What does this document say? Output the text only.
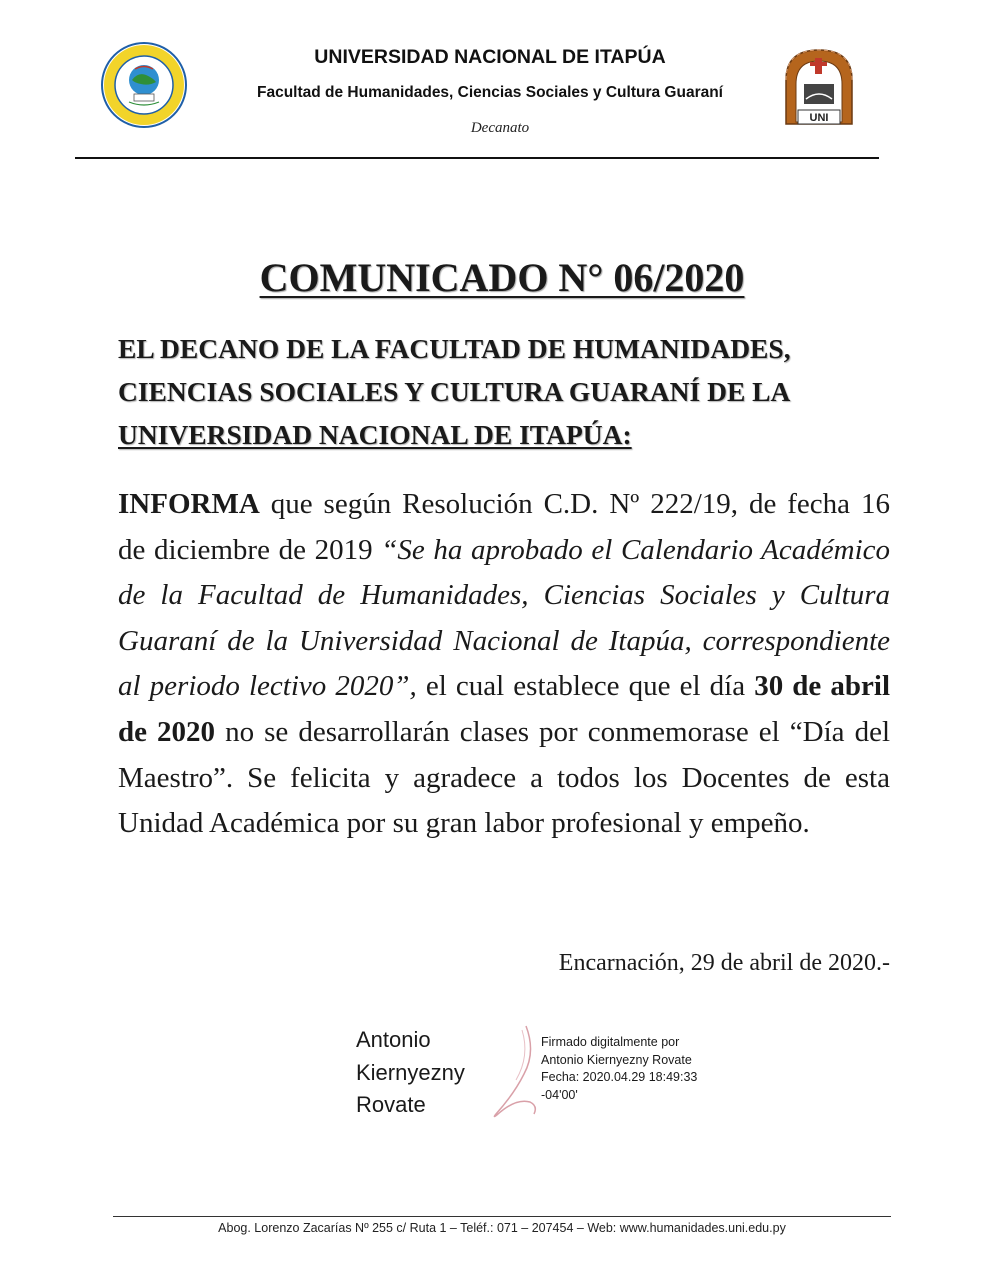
UNIVERSIDAD NACIONAL DE ITAPÚA
Facultad de Humanidades, Ciencias Sociales y Cultura Guaraní
Decanato
UNI
COMUNICADO N° 06/2020
EL DECANO DE LA FACULTAD DE HUMANIDADES,
CIENCIAS SOCIALES Y CULTURA GUARANÍ DE LA
UNIVERSIDAD NACIONAL DE ITAPÚA:
INFORMA que según Resolución C.D. Nº 222/19, de fecha 16 de diciembre de 2019 “Se ha aprobado el Calendario Académico de la Facultad de Humanidades, Ciencias Sociales y Cultura Guaraní de la Universidad Nacional de Itapúa, correspondiente al periodo lectivo 2020”, el cual establece que el día 30 de abril de 2020 no se desarrollarán clases por conmemorase el “Día del Maestro”. Se felicita y agradece a todos los Docentes de esta Unidad Académica por su gran labor profesional y empeño.
Encarnación, 29 de abril de 2020.-
Antonio
Kiernyezny
Rovate
Firmado digitalmente por
Antonio Kiernyezny Rovate
Fecha: 2020.04.29 18:49:33
-04'00'
Abog. Lorenzo Zacarías Nº 255 c/ Ruta 1 – Teléf.: 071 – 207454 – Web: www.humanidades.uni.edu.py
